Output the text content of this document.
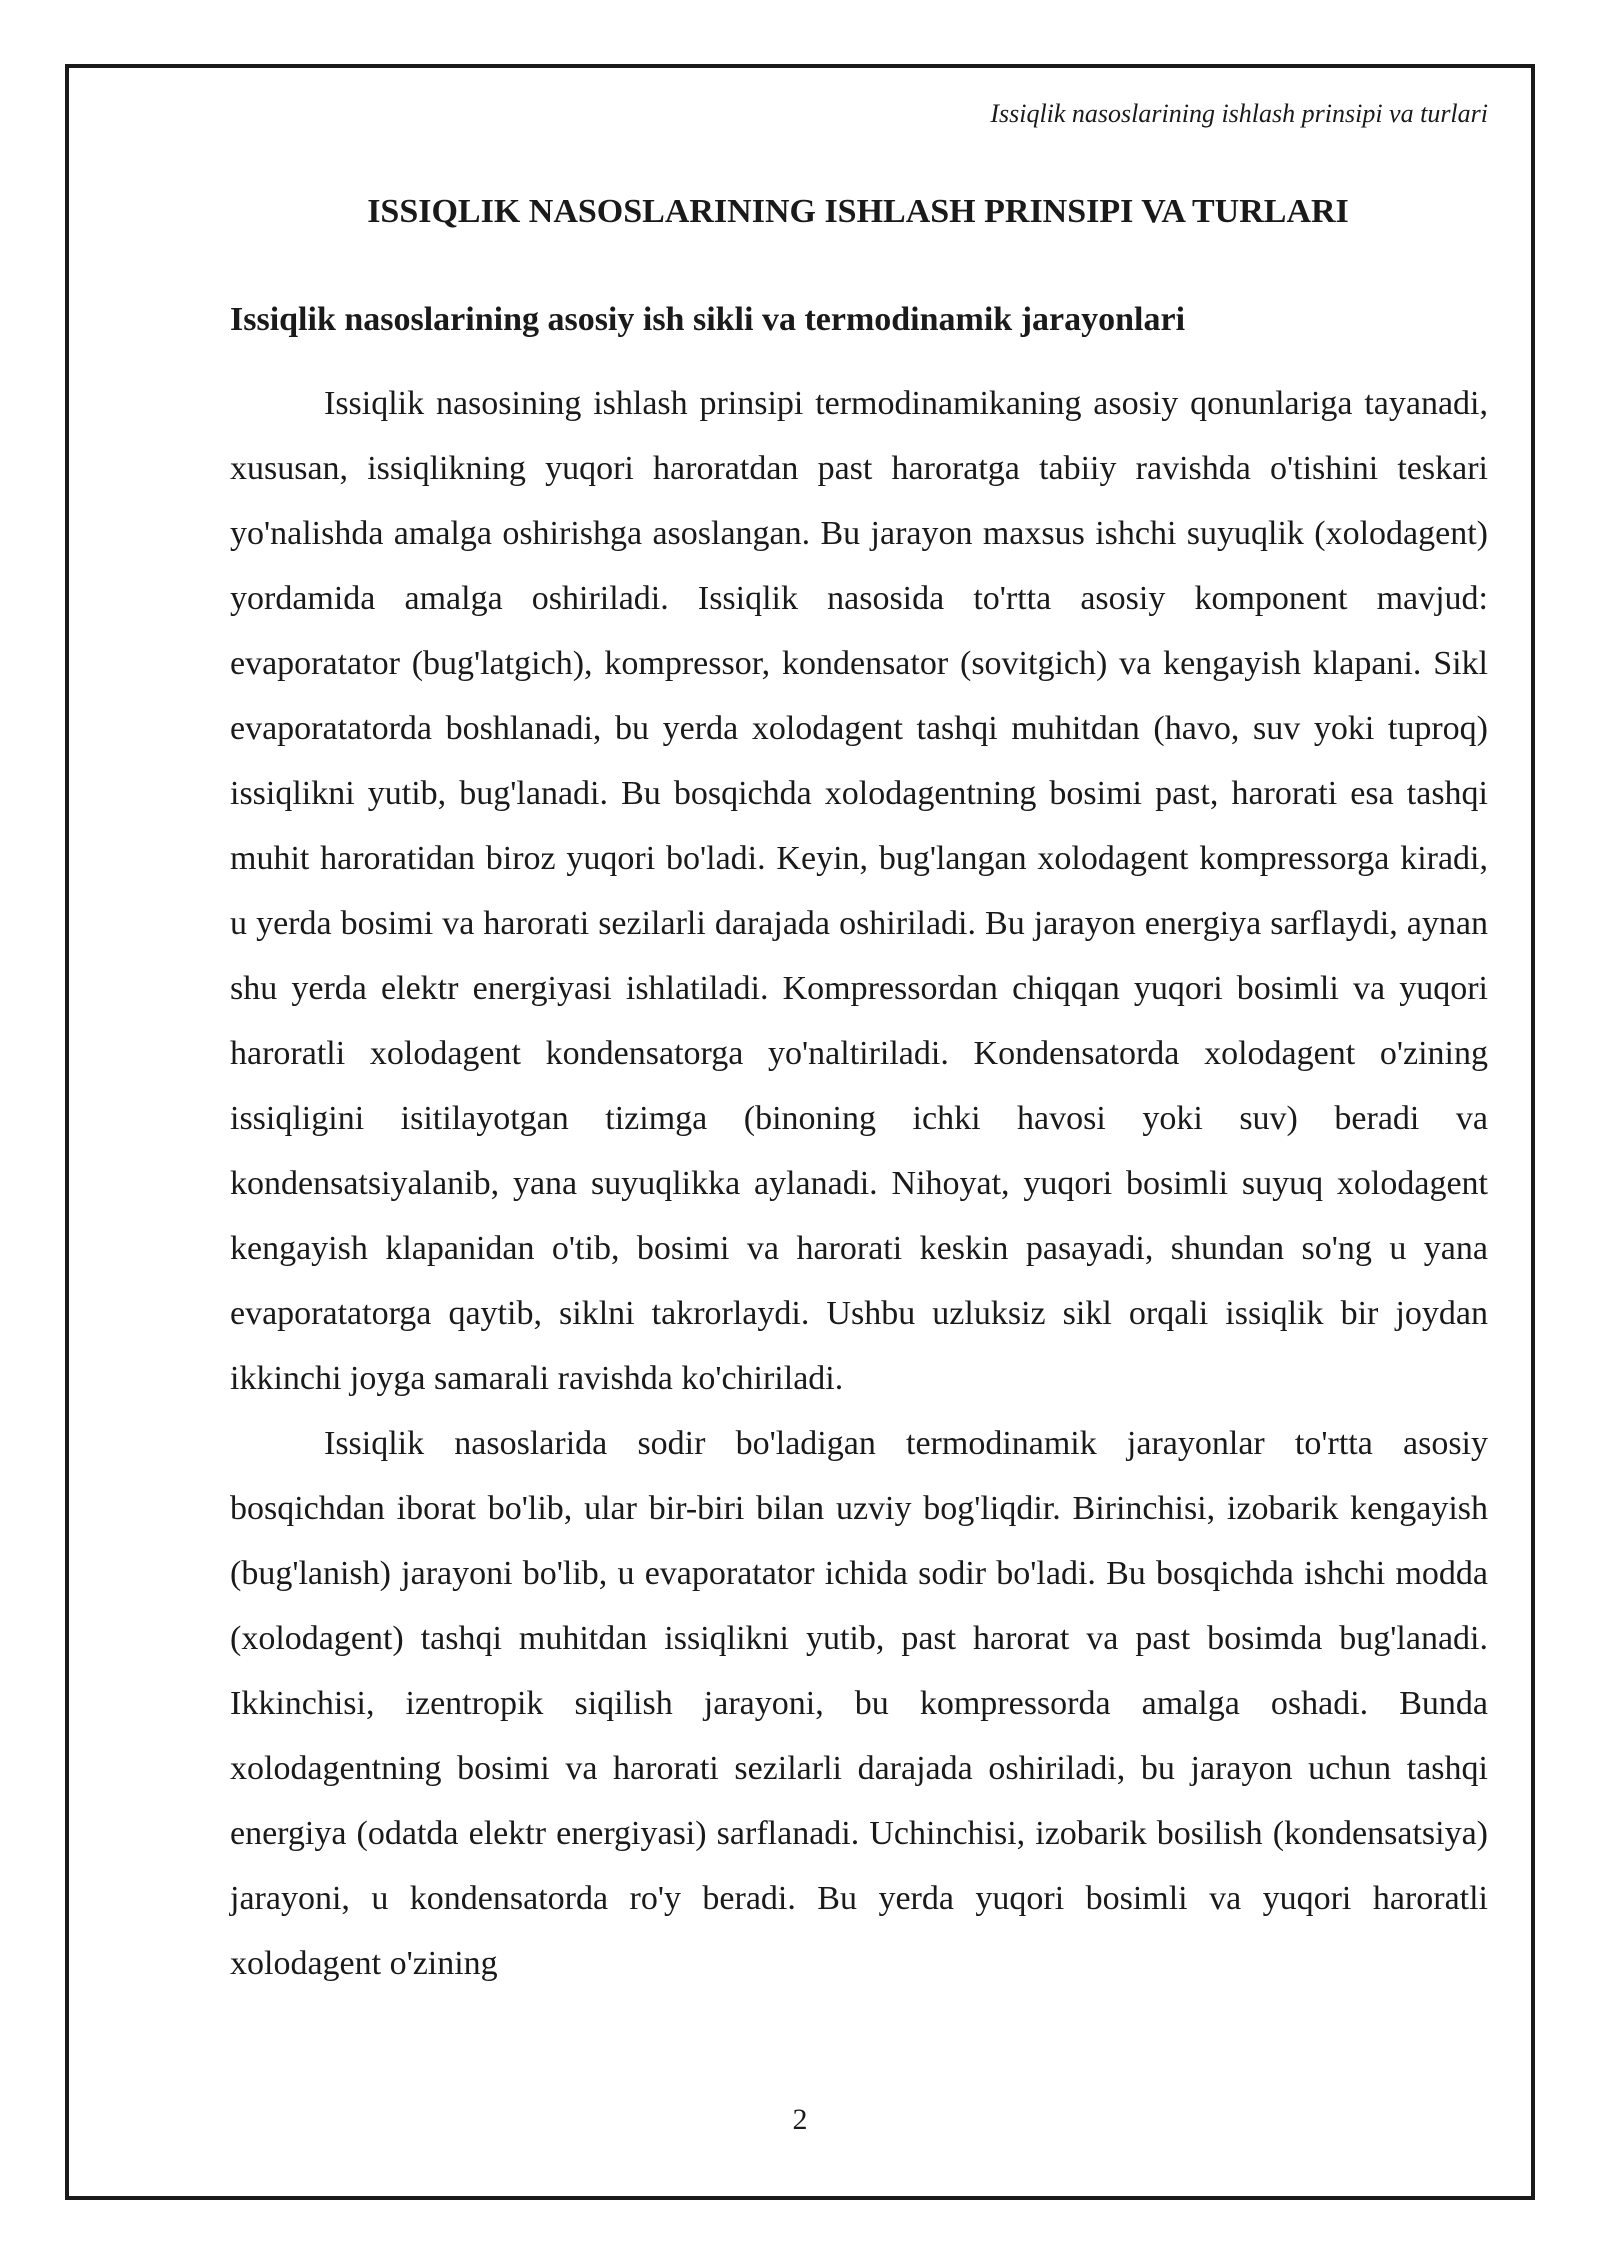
Issiqlik nasoslarining ishlash prinsipi va turlari
ISSIQLIK NASOSLARINING ISHLASH PRINSIPI VA TURLARI
Issiqlik nasoslarining asosiy ish sikli va termodinamik jarayonlari

Issiqlik nasosining ishlash prinsipi termodinamikaning asosiy qonunlariga tayanadi, xususan, issiqlikning yuqori haroratdan past haroratga tabiiy ravishda o'tishini teskari yo'nalishda amalga oshirishga asoslangan. Bu jarayon maxsus ishchi suyuqlik (xolodagent) yordamida amalga oshiriladi. Issiqlik nasosida to'rtta asosiy komponent mavjud: evaporatator (bug'latgich), kompressor, kondensator (sovitgich) va kengayish klapani. Sikl evaporatatorda boshlanadi, bu yerda xolodagent tashqi muhitdan (havo, suv yoki tuproq) issiqlikni yutib, bug'lanadi. Bu bosqichda xolodagentning bosimi past, harorati esa tashqi muhit haroratidan biroz yuqori bo'ladi. Keyin, bug'langan xolodagent kompressorga kiradi, u yerda bosimi va harorati sezilarli darajada oshiriladi. Bu jarayon energiya sarflaydi, aynan shu yerda elektr energiyasi ishlatiladi. Kompressordan chiqqan yuqori bosimli va yuqori haroratli xolodagent kondensatorga yo'naltiriladi. Kondensatorda xolodagent o'zining issiqligini isitilayotgan tizimga (binoning ichki havosi yoki suv) beradi va kondensatsiyalanib, yana suyuqlikka aylanadi. Nihoyat, yuqori bosimli suyuq xolodagent kengayish klapanidan o'tib, bosimi va harorati keskin pasayadi, shundan so'ng u yana evaporatatorga qaytib, siklni takrorlaydi. Ushbu uzluksiz sikl orqali issiqlik bir joydan ikkinchi joyga samarali ravishda ko'chiriladi.

Issiqlik nasoslarida sodir bo'ladigan termodinamik jarayonlar to'rtta asosiy bosqichdan iborat bo'lib, ular bir-biri bilan uzviy bog'liqdir. Birinchisi, izobarik kengayish (bug'lanish) jarayoni bo'lib, u evaporatator ichida sodir bo'ladi. Bu bosqichda ishchi modda (xolodagent) tashqi muhitdan issiqlikni yutib, past harorat va past bosimda bug'lanadi. Ikkinchisi, izentropik siqilish jarayoni, bu kompressorda amalga oshadi. Bunda xolodagentning bosimi va harorati sezilarli darajada oshiriladi, bu jarayon uchun tashqi energiya (odatda elektr energiyasi) sarflanadi. Uchinchisi, izobarik bosilish (kondensatsiya) jarayoni, u kondensatorda ro'y beradi. Bu yerda yuqori bosimli va yuqori haroratli xolodagent o'zining

2
